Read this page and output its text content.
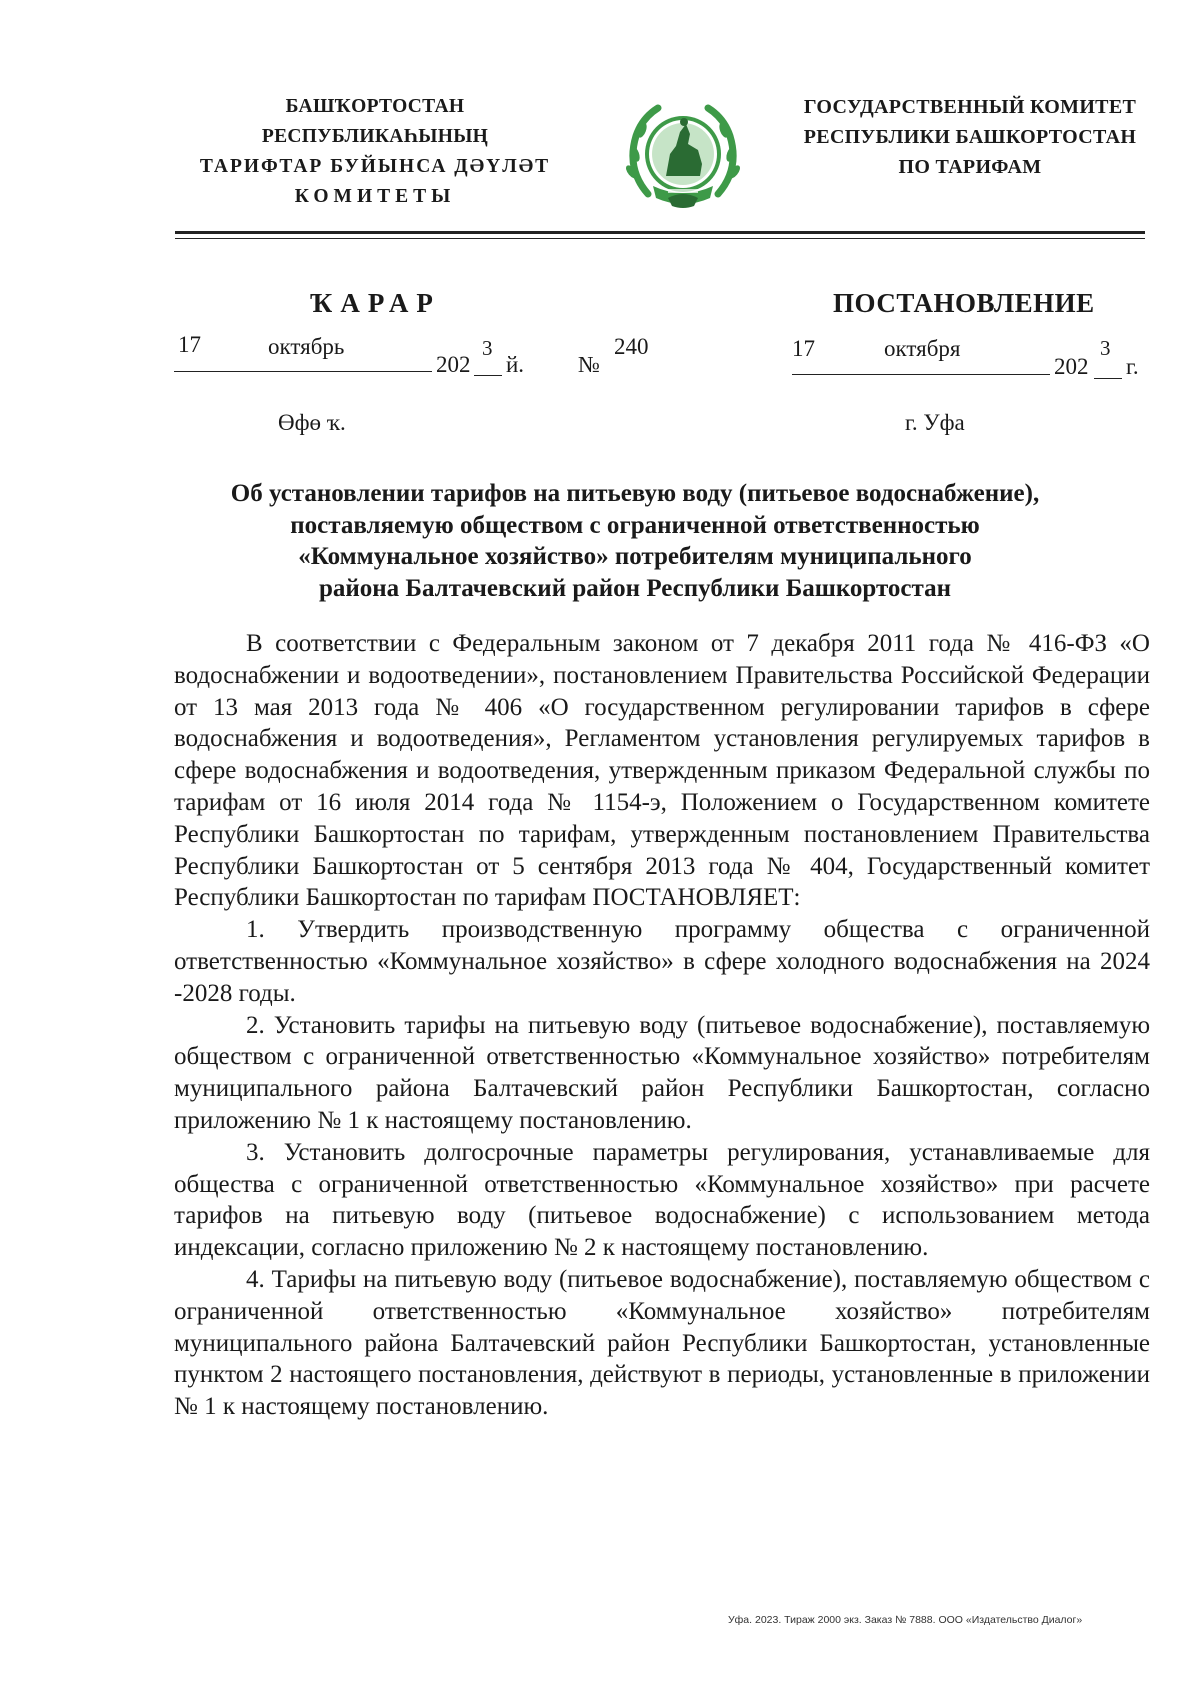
БАШҠОРТОСТАН РЕСПУБЛИКАҺЫНЫҢ
ТАРИФТАР БУЙЫНСА ДӘҮЛӘТ
КОМИТЕТЫ
ГОСУДАРСТВЕННЫЙ КОМИТЕТ
РЕСПУБЛИКИ БАШКОРТОСТАН
ПО ТАРИФАМ
ҠАРАР	ПОСТАНОВЛЕНИЕ
17	октябрь
202
3
й. №
240	17	октября
202
3
г.
Өфө ҡ.	г. Уфа
Об установлении тарифов на питьевую воду (питьевое водоснабжение),
поставляемую обществом с ограниченной ответственностью
«Коммунальное хозяйство» потребителям муниципального
района Балтачевский район Республики Башкортостан

В соответствии с Федеральным законом от 7 декабря 2011 года № 416-ФЗ «О водоснабжении и водоотведении», постановлением Правительства Российской Федерации от 13 мая 2013 года № 406 «О государственном регулировании тарифов в сфере водоснабжения и водоотведения», Регламентом установления регулируемых тарифов в сфере водоснабжения и водоотведения, утвержденным приказом Федеральной службы по тарифам от 16 июля 2014 года № 1154-э, Положением о Государственном комитете Республики Башкортостан по тарифам, утвержденным постановлением Правительства Республики Башкортостан от 5 сентября 2013 года № 404, Государственный комитет Республики Башкортостан по тарифам ПОСТАНОВЛЯЕТ:

1. Утвердить производственную программу общества с ограниченной ответственностью «Коммунальное хозяйство» в сфере холодного водоснабжения на 2024 -2028 годы.

2. Установить тарифы на питьевую воду (питьевое водоснабжение), поставляемую обществом с ограниченной ответственностью «Коммунальное хозяйство» потребителям муниципального района Балтачевский район Республики Башкортостан, согласно приложению № 1 к настоящему постановлению.

3. Установить долгосрочные параметры регулирования, устанавливаемые для общества с ограниченной ответственностью «Коммунальное хозяйство» при расчете тарифов на питьевую воду (питьевое водоснабжение) с использованием метода индексации, согласно приложению № 2 к настоящему постановлению.

4. Тарифы на питьевую воду (питьевое водоснабжение), поставляемую обществом с ограниченной ответственностью «Коммунальное хозяйство» потребителям муниципального района Балтачевский район Республики Башкортостан, установленные пунктом 2 настоящего постановления, действуют в периоды, установленные в приложении № 1 к настоящему постановлению.

Уфа. 2023. Тираж 2000 экз. Заказ № 7888. ООО «Издательство Диалог»
